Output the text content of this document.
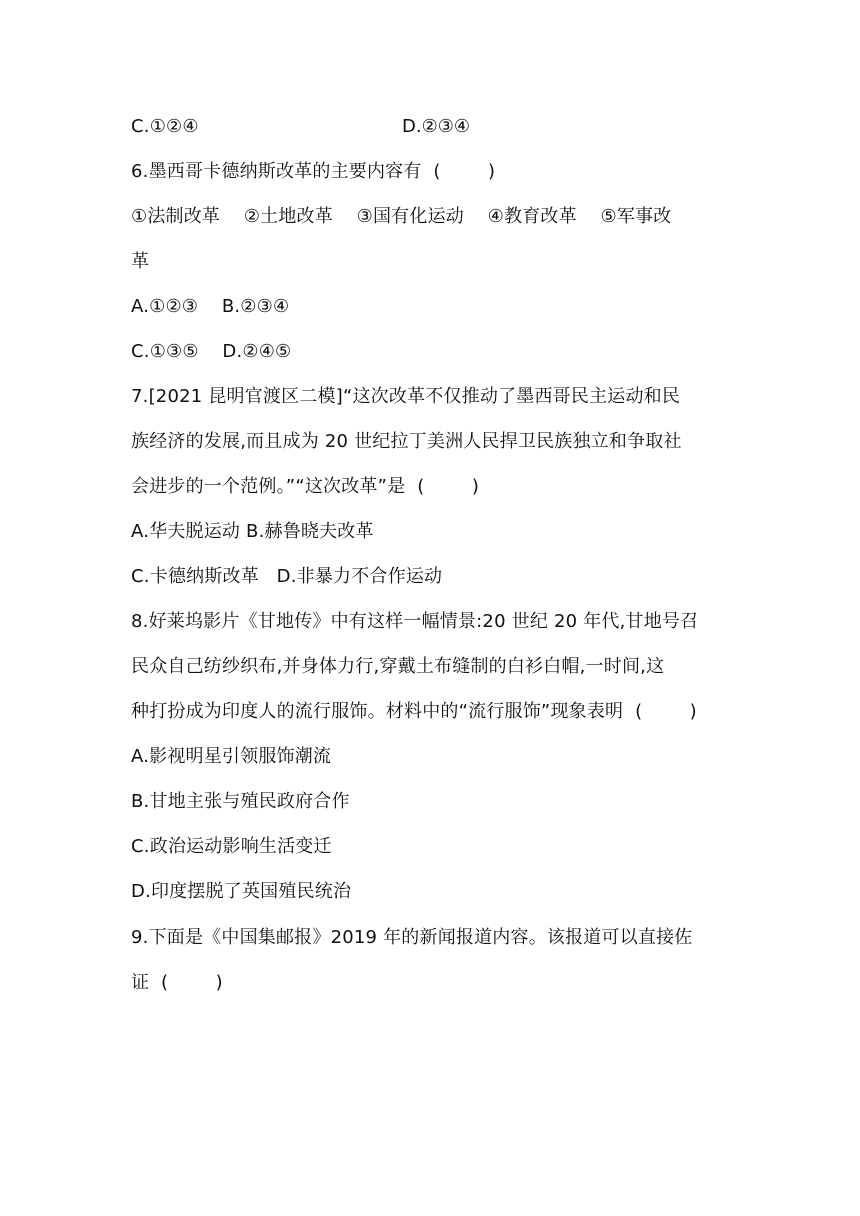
C.①②④	D.②③④
6.墨西哥卡德纳斯改革的主要内容有  (        )
①法制改革    ②土地改革    ③国有化运动    ④教育改革    ⑤军事改
革
A.①②③    B.②③④
C.①③⑤    D.②④⑤
7.[2021 昆明官渡区二模]“这次改革不仅推动了墨西哥民主运动和民
族经济的发展,而且成为 20 世纪拉丁美洲人民捍卫民族独立和争取社
会进步的一个范例。”“这次改革”是  (        )
A.华夫脱运动 B.赫鲁晓夫改革
C.卡德纳斯改革   D.非暴力不合作运动
8.好莱坞影片《甘地传》中有这样一幅情景:20 世纪 20 年代,甘地号召
民众自己纺纱织布,并身体力行,穿戴土布缝制的白衫白帽,一时间,这
种打扮成为印度人的流行服饰。材料中的“流行服饰”现象表明  (        )
A.影视明星引领服饰潮流
B.甘地主张与殖民政府合作
C.政治运动影响生活变迁
D.印度摆脱了英国殖民统治
9.下面是《中国集邮报》2019 年的新闻报道内容。该报道可以直接佐
证  (        )
